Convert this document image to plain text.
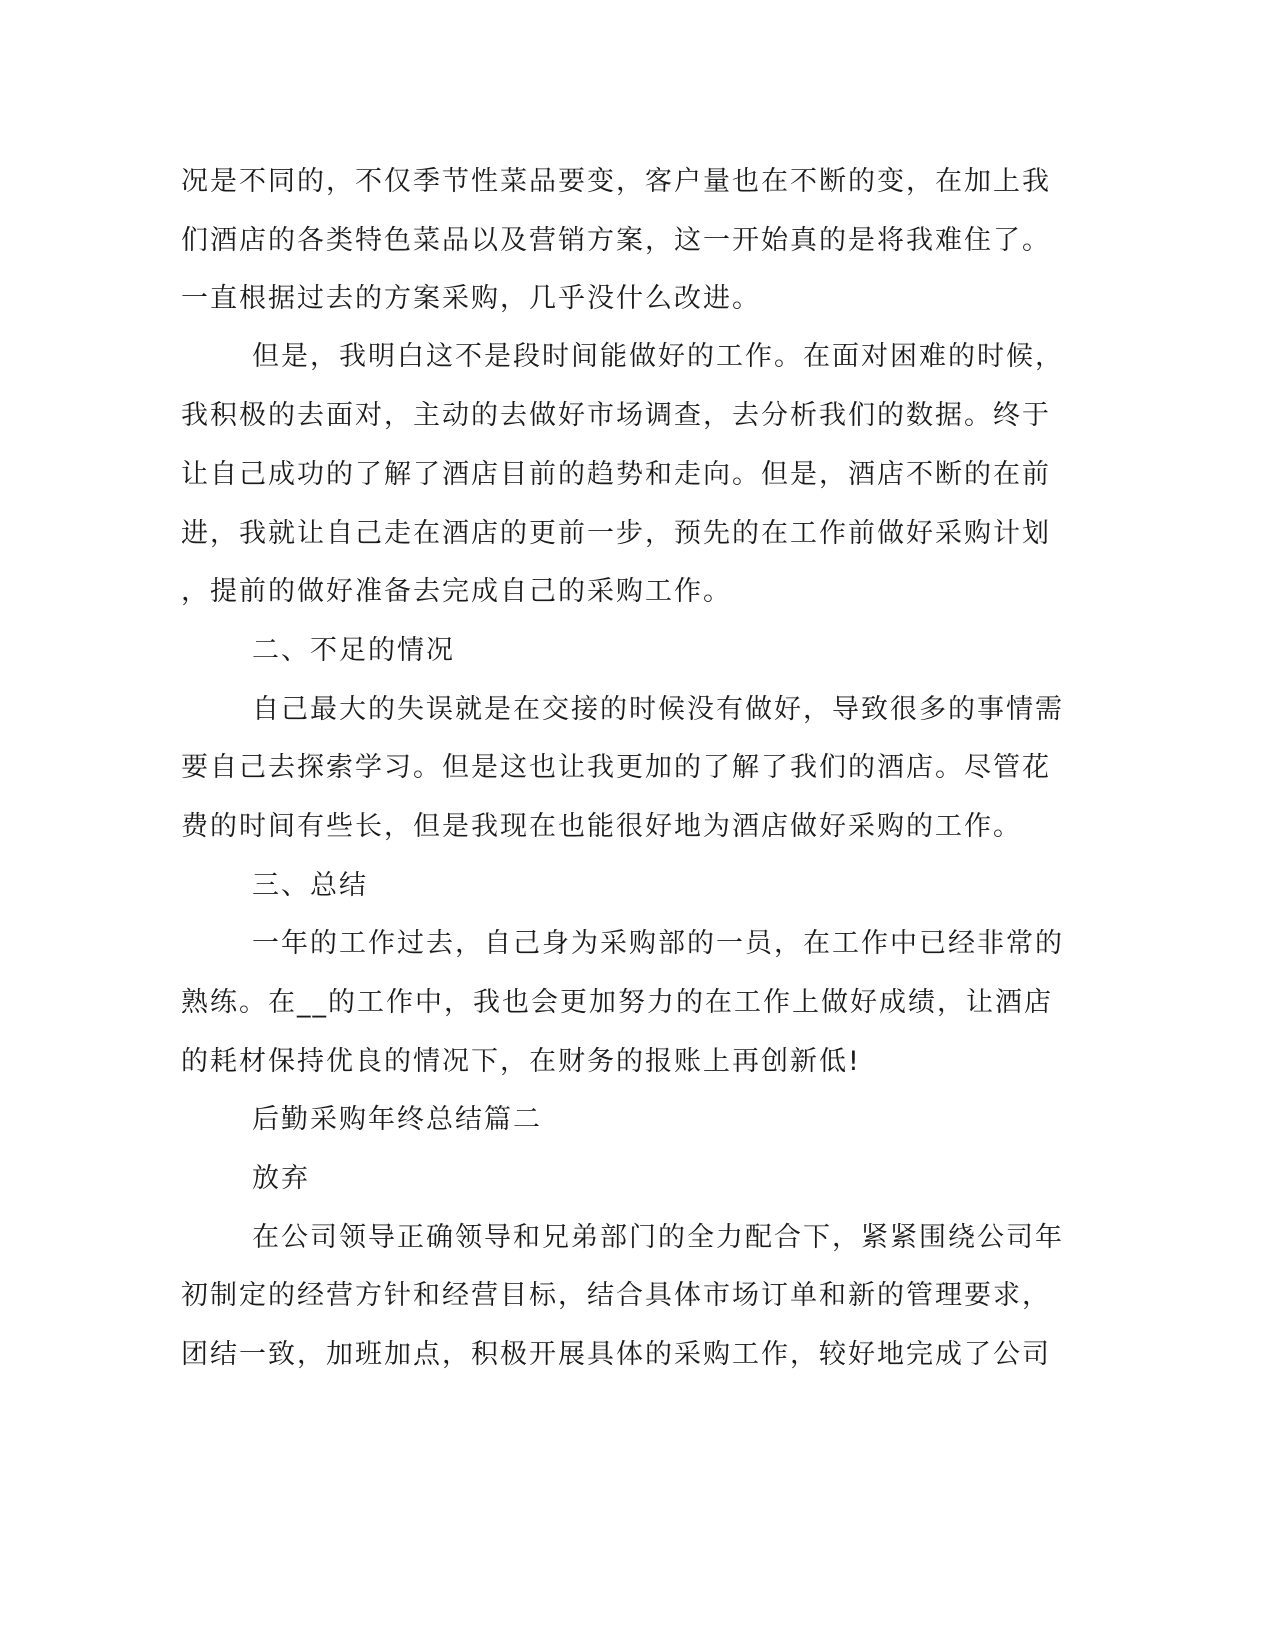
况是不同的，不仅季节性菜品要变，客户量也在不断的变，在加上我
们酒店的各类特色菜品以及营销方案，这一开始真的是将我难住了。
一直根据过去的方案采购，几乎没什么改进。
但是，我明白这不是段时间能做好的工作。在面对困难的时候，
我积极的去面对，主动的去做好市场调查，去分析我们的数据。终于
让自己成功的了解了酒店目前的趋势和走向。但是，酒店不断的在前
进，我就让自己走在酒店的更前一步，预先的在工作前做好采购计划
，提前的做好准备去完成自己的采购工作。
二、不足的情况
自己最大的失误就是在交接的时候没有做好，导致很多的事情需
要自己去探索学习。但是这也让我更加的了解了我们的酒店。尽管花
费的时间有些长，但是我现在也能很好地为酒店做好采购的工作。
三、总结
一年的工作过去，自己身为采购部的一员，在工作中已经非常的
熟练。在__的工作中，我也会更加努力的在工作上做好成绩，让酒店
的耗材保持优良的情况下，在财务的报账上再创新低!
后勤采购年终总结篇二
放弃
在公司领导正确领导和兄弟部门的全力配合下，紧紧围绕公司年
初制定的经营方针和经营目标，结合具体市场订单和新的管理要求，
团结一致，加班加点，积极开展具体的采购工作，较好地完成了公司
